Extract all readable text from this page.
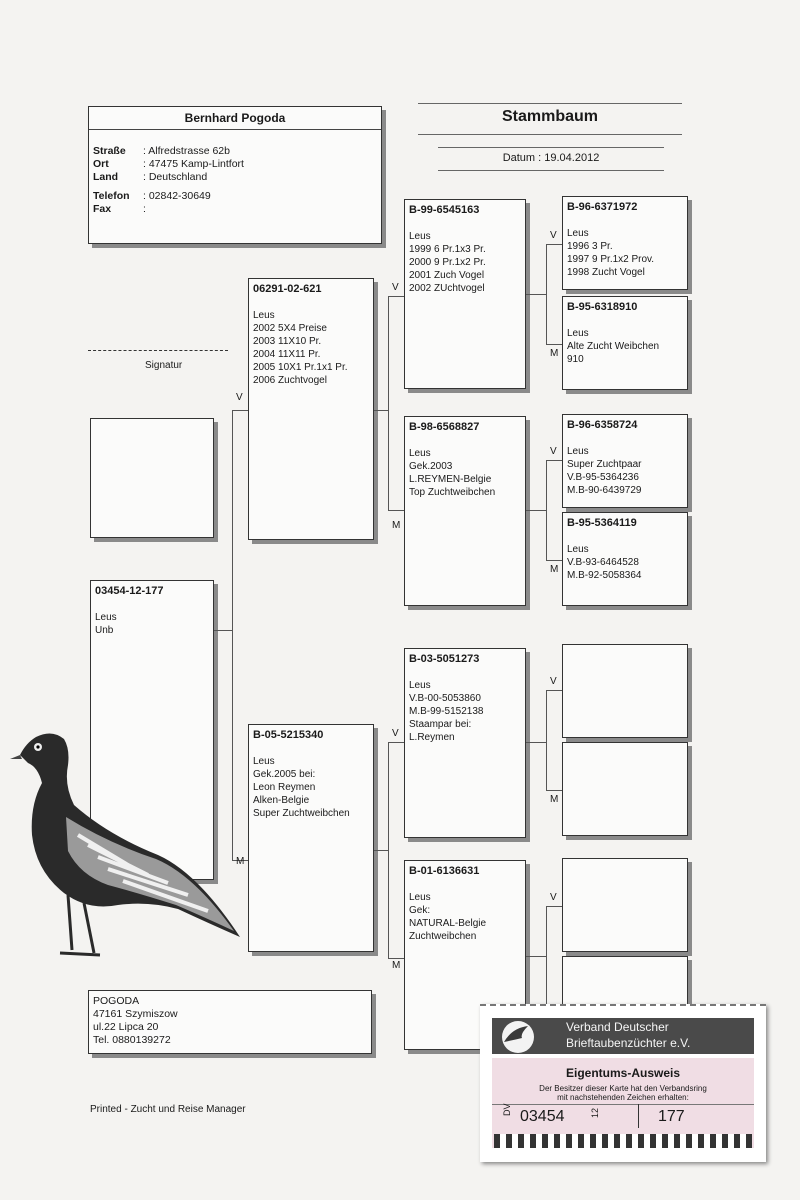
Bernhard Pogoda
Straße	: Alfredstrasse 62b
Ort	: 47475 Kamp-Lintfort
Land	: Deutschland
Telefon	: 02842-30649
Fax	:
Stammbaum
Datum : 19.04.2012
Signatur
03454-12-177
Leus
Unb
06291-02-621
Leus
2002 5X4 Preise
2003 11X10 Pr.
2004 11X11 Pr.
2005 10X1 Pr.1x1 Pr.
2006 Zuchtvogel
B-05-5215340
Leus
Gek.2005 bei:
Leon Reymen
Alken-Belgie
Super Zuchtweibchen
B-99-6545163
Leus
1999 6 Pr.1x3 Pr.
2000 9 Pr.1x2 Pr.
2001 Zuch Vogel
2002 ZUchtvogel
B-98-6568827
Leus
Gek.2003
L.REYMEN-Belgie
Top Zuchtweibchen
B-03-5051273
Leus
V.B-00-5053860
M.B-99-5152138
Staampar bei:
L.Reymen
B-01-6136631
Leus
Gek:
NATURAL-Belgie
Zuchtweibchen
B-96-6371972
Leus
1996 3 Pr.
1997 9 Pr.1x2 Prov.
1998 Zucht Vogel
B-95-6318910
Leus
Alte Zucht Weibchen
910
B-96-6358724
Leus
Super Zuchtpaar
V.B-95-5364236
M.B-90-6439729
B-95-5364119
Leus
V.B-93-6464528
M.B-92-5058364
V
M
V
M
V
M
V
M
V
M
V
M
V
POGODA
47161 Szymiszow
ul.22 Lipca 20
Tel. 0880139272
Printed - Zucht und Reise Manager
Verband Deutscher
Brieftaubenzüchter e.V.
Eigentums-Ausweis
Der Besitzer dieser Karte hat den Verbandsring
mit nachstehenden Zeichen erhalten:
DV 03454	12	177
